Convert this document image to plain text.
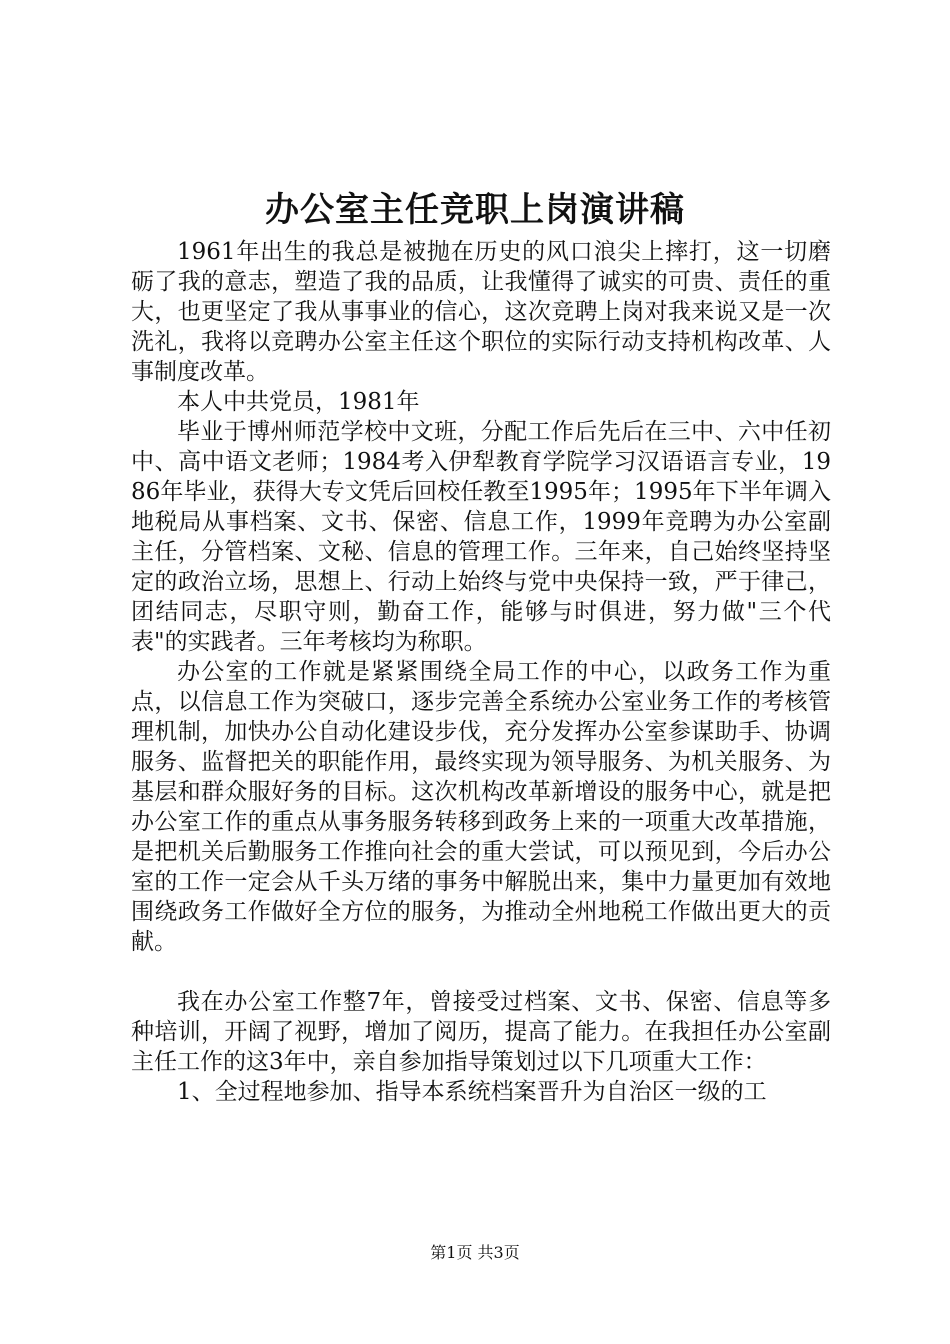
办公室主任竞职上岗演讲稿

1961年出生的我总是被抛在历史的风口浪尖上摔打，这一切磨砺了我的意志，塑造了我的品质，让我懂得了诚实的可贵、责任的重大，也更坚定了我从事事业的信心，这次竞聘上岗对我来说又是一次洗礼，我将以竞聘办公室主任这个职位的实际行动支持机构改革、人事制度改革。

本人中共党员，1981年

毕业于博州师范学校中文班，分配工作后先后在三中、六中任初中、高中语文老师；1984考入伊犁教育学院学习汉语语言专业，1986年毕业，获得大专文凭后回校任教至1995年；1995年下半年调入地税局从事档案、文书、保密、信息工作，1999年竞聘为办公室副主任，分管档案、文秘、信息的管理工作。三年来，自己始终坚持坚定的政治立场，思想上、行动上始终与党中央保持一致，严于律己，团结同志，尽职守则，勤奋工作，能够与时俱进，努力做"三个代表"的实践者。三年考核均为称职。

办公室的工作就是紧紧围绕全局工作的中心，以政务工作为重点，以信息工作为突破口，逐步完善全系统办公室业务工作的考核管理机制，加快办公自动化建设步伐，充分发挥办公室参谋助手、协调服务、监督把关的职能作用，最终实现为领导服务、为机关服务、为基层和群众服好务的目标。这次机构改革新增设的服务中心，就是把办公室工作的重点从事务服务转移到政务上来的一项重大改革措施，是把机关后勤服务工作推向社会的重大尝试，可以预见到，今后办公室的工作一定会从千头万绪的事务中解脱出来，集中力量更加有效地围绕政务工作做好全方位的服务，为推动全州地税工作做出更大的贡献。

我在办公室工作整7年，曾接受过档案、文书、保密、信息等多种培训，开阔了视野，增加了阅历，提高了能力。在我担任办公室副主任工作的这3年中，亲自参加指导策划过以下几项重大工作：

1、全过程地参加、指导本系统档案晋升为自治区一级的工

第1页 共3页
